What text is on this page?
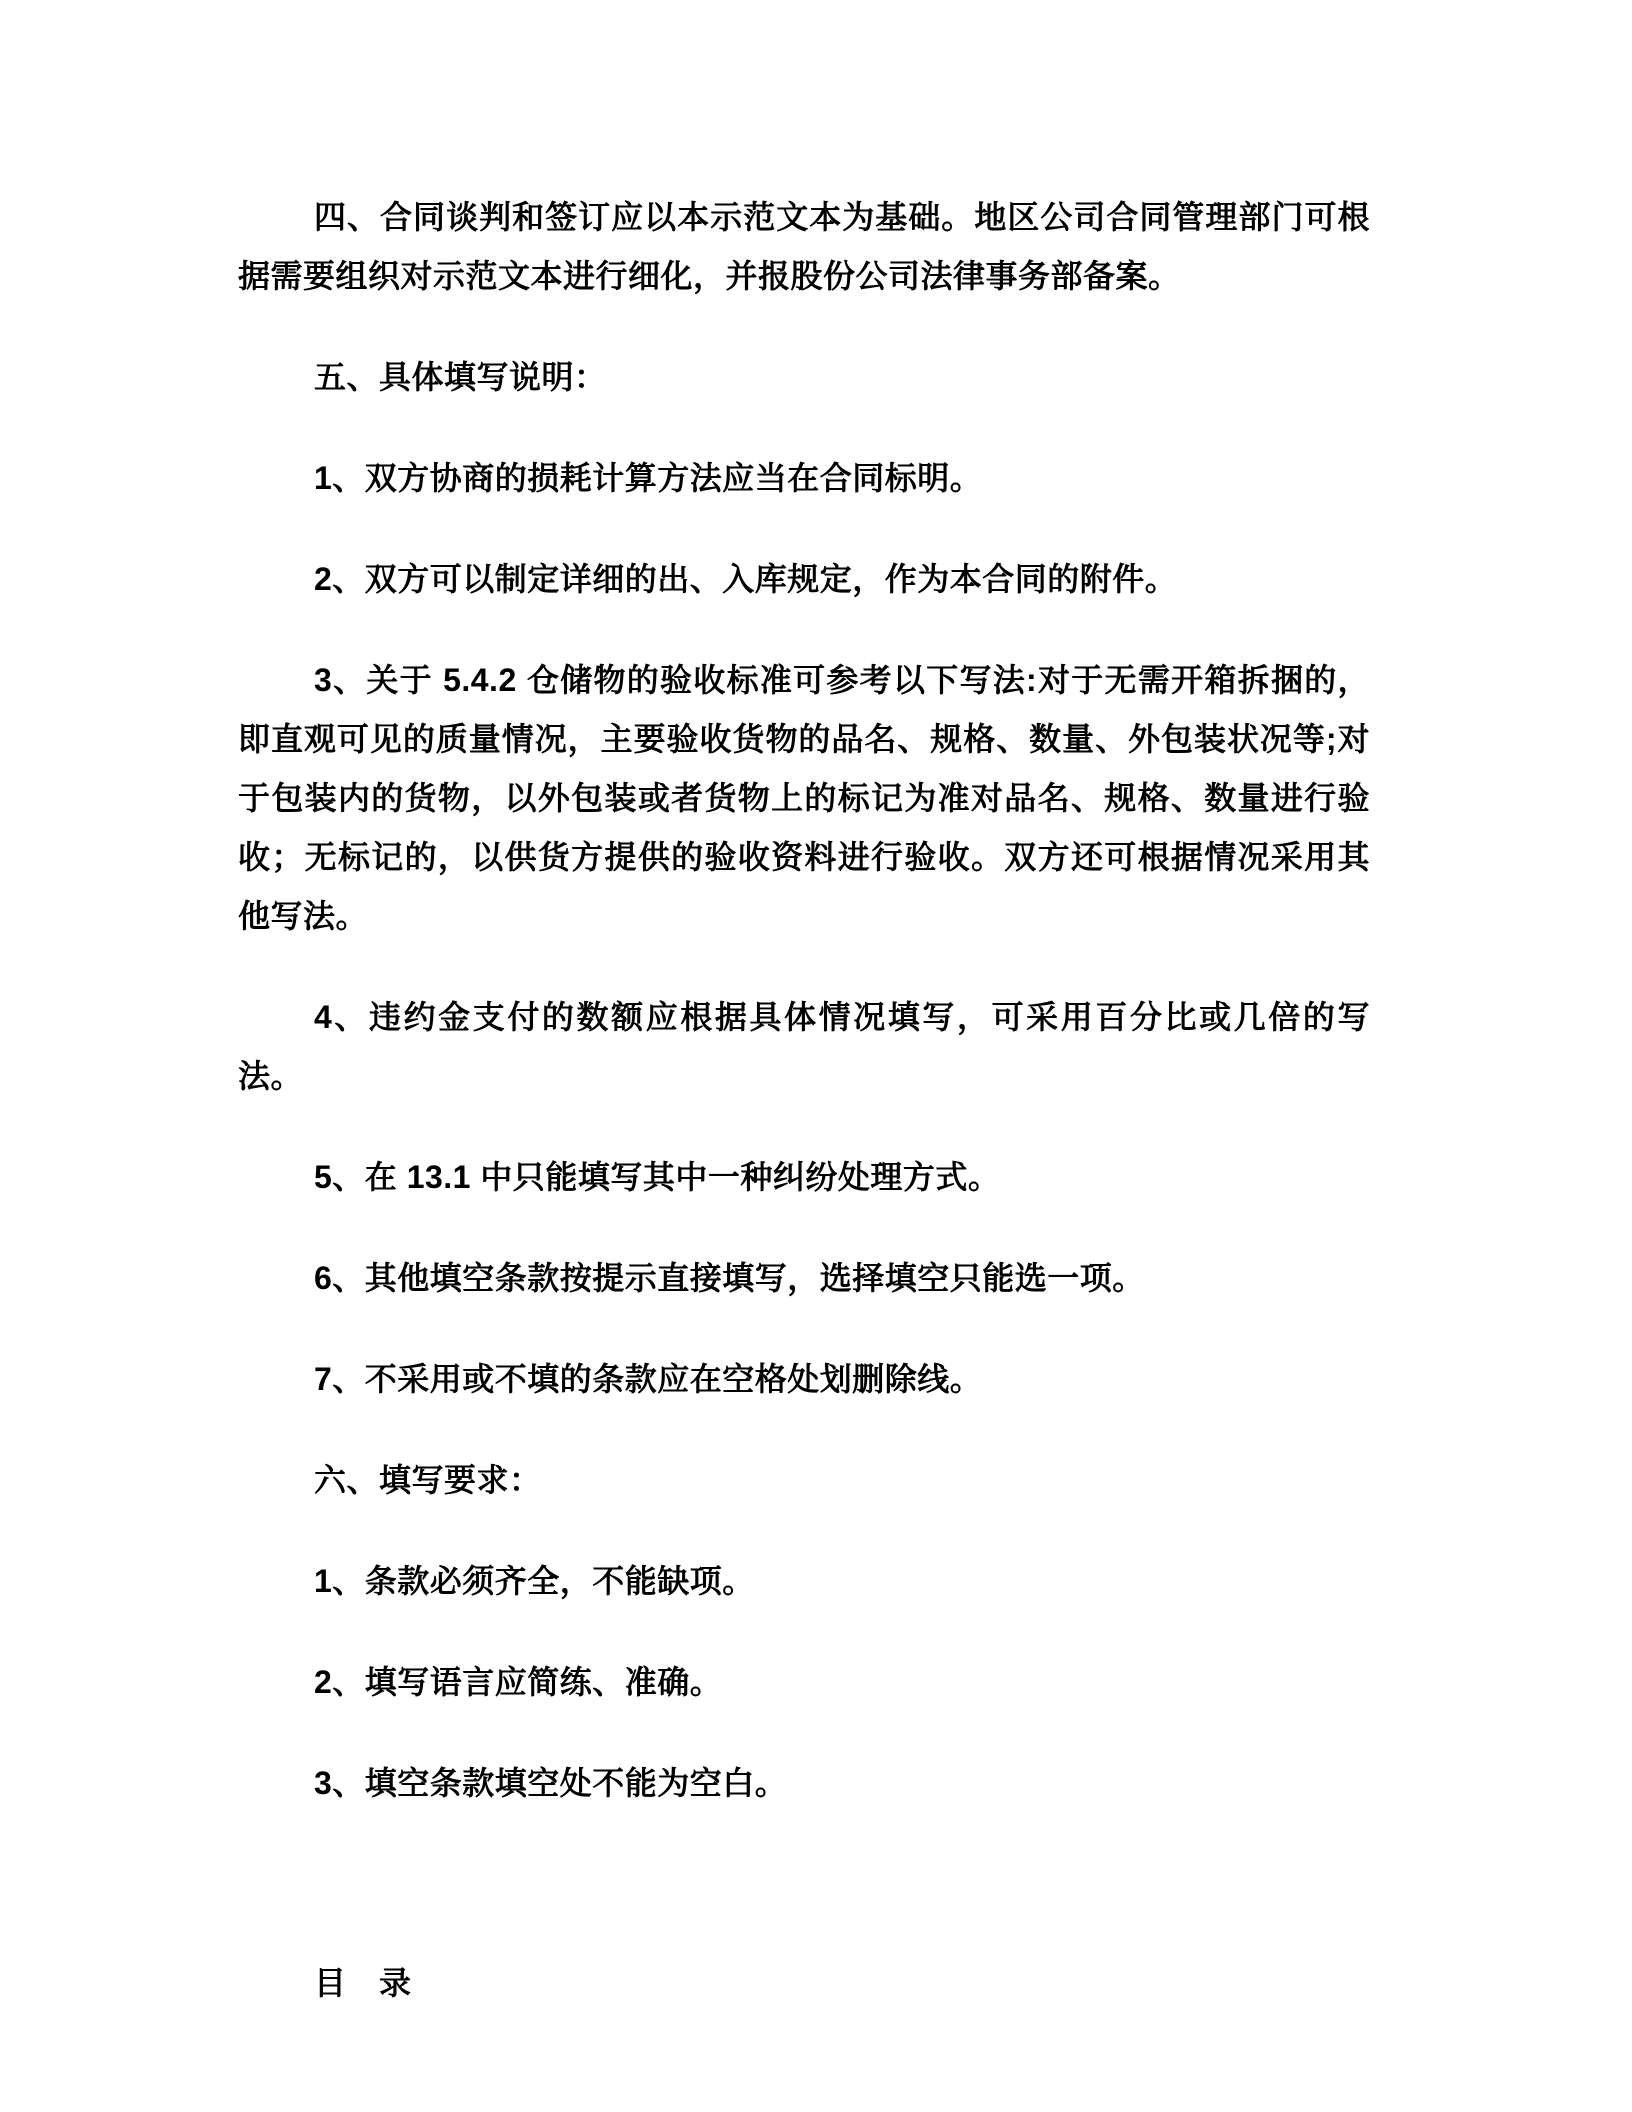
四、合同谈判和签订应以本示范文本为基础。地区公司合同管理部门可根据需要组织对示范文本进行细化，并报股份公司法律事务部备案。

五、具体填写说明：

1、双方协商的损耗计算方法应当在合同标明。

2、双方可以制定详细的出、入库规定，作为本合同的附件。

3、关于 5.4.2 仓储物的验收标准可参考以下写法:对于无需开箱拆捆的，即直观可见的质量情况，主要验收货物的品名、规格、数量、外包装状况等;对于包装内的货物，以外包装或者货物上的标记为准对品名、规格、数量进行验收；无标记的，以供货方提供的验收资料进行验收。双方还可根据情况采用其他写法。

4、违约金支付的数额应根据具体情况填写，可采用百分比或几倍的写法。

5、在 13.1 中只能填写其中一种纠纷处理方式。

6、其他填空条款按提示直接填写，选择填空只能选一项。

7、不采用或不填的条款应在空格处划删除线。

六、填写要求：

1、条款必须齐全，不能缺项。

2、填写语言应简练、准确。

3、填空条款填空处不能为空白。

目　录
